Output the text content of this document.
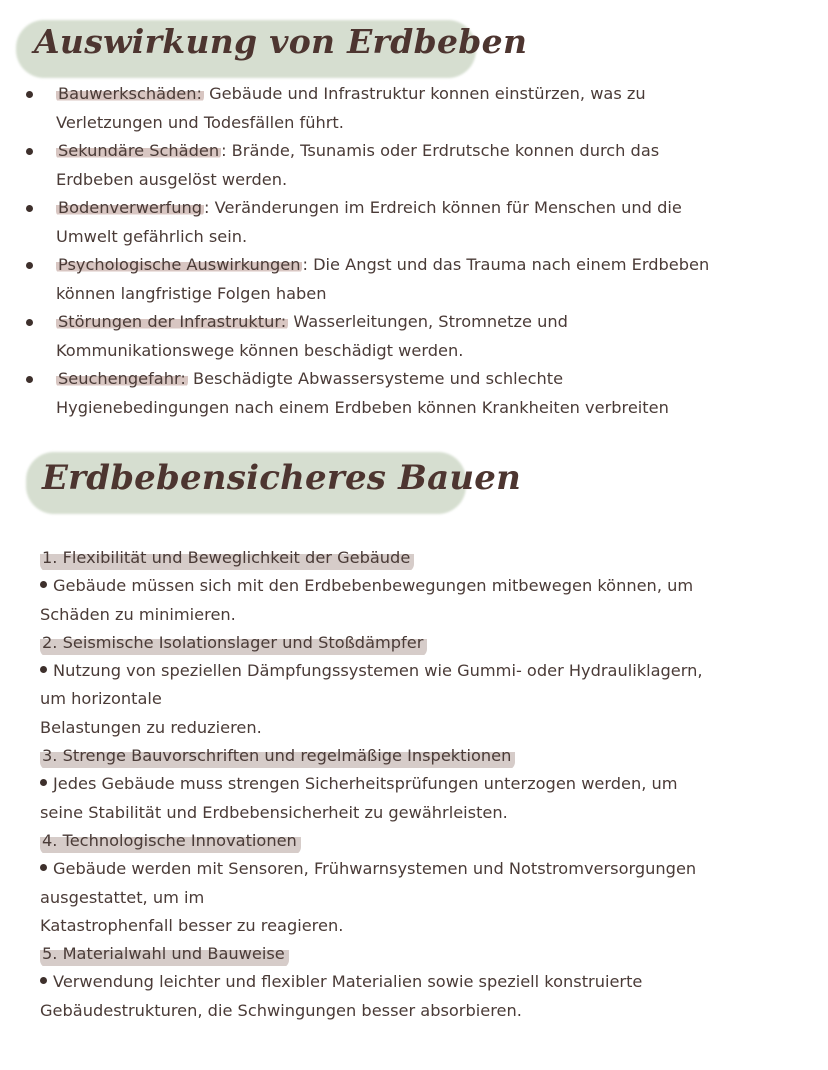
Auswirkung von Erdbeben
Bauwerkschäden: Gebäude und Infrastruktur konnen einstürzen, was zu
Verletzungen und Todesfällen führt.
Sekundäre Schäden : Brände, Tsunamis oder Erdrutsche konnen durch das
Erdbeben ausgelöst werden.
Bodenverwerfung : Veränderungen im Erdreich können für Menschen und die
Umwelt gefährlich sein.
Psychologische Auswirkungen : Die Angst und das Trauma nach einem Erdbeben
können langfristige Folgen haben
Störungen der Infrastruktur: Wasserleitungen, Stromnetze und
Kommunikationswege können beschädigt werden.
Seuchengefahr: Beschädigte Abwassersysteme und schlechte
Hygienebedingungen nach einem Erdbeben können Krankheiten verbreiten
Erdbebensicheres Bauen
1. Flexibilität und Beweglichkeit der Gebäude
Gebäude müssen sich mit den Erdbebenbewegungen mitbewegen können, um
Schäden zu minimieren.
2. Seismische Isolationslager und Stoßdämpfer
Nutzung von speziellen Dämpfungssystemen wie Gummi- oder Hydrauliklagern,
um horizontale
Belastungen zu reduzieren.
3. Strenge Bauvorschriften und regelmäßige Inspektionen
Jedes Gebäude muss strengen Sicherheitsprüfungen unterzogen werden, um
seine Stabilität und Erdbebensicherheit zu gewährleisten.
4. Technologische Innovationen
Gebäude werden mit Sensoren, Frühwarnsystemen und Notstromversorgungen
ausgestattet, um im
Katastrophenfall besser zu reagieren.
5. Materialwahl und Bauweise
Verwendung leichter und flexibler Materialien sowie speziell konstruierte
Gebäudestrukturen, die Schwingungen besser absorbieren.
